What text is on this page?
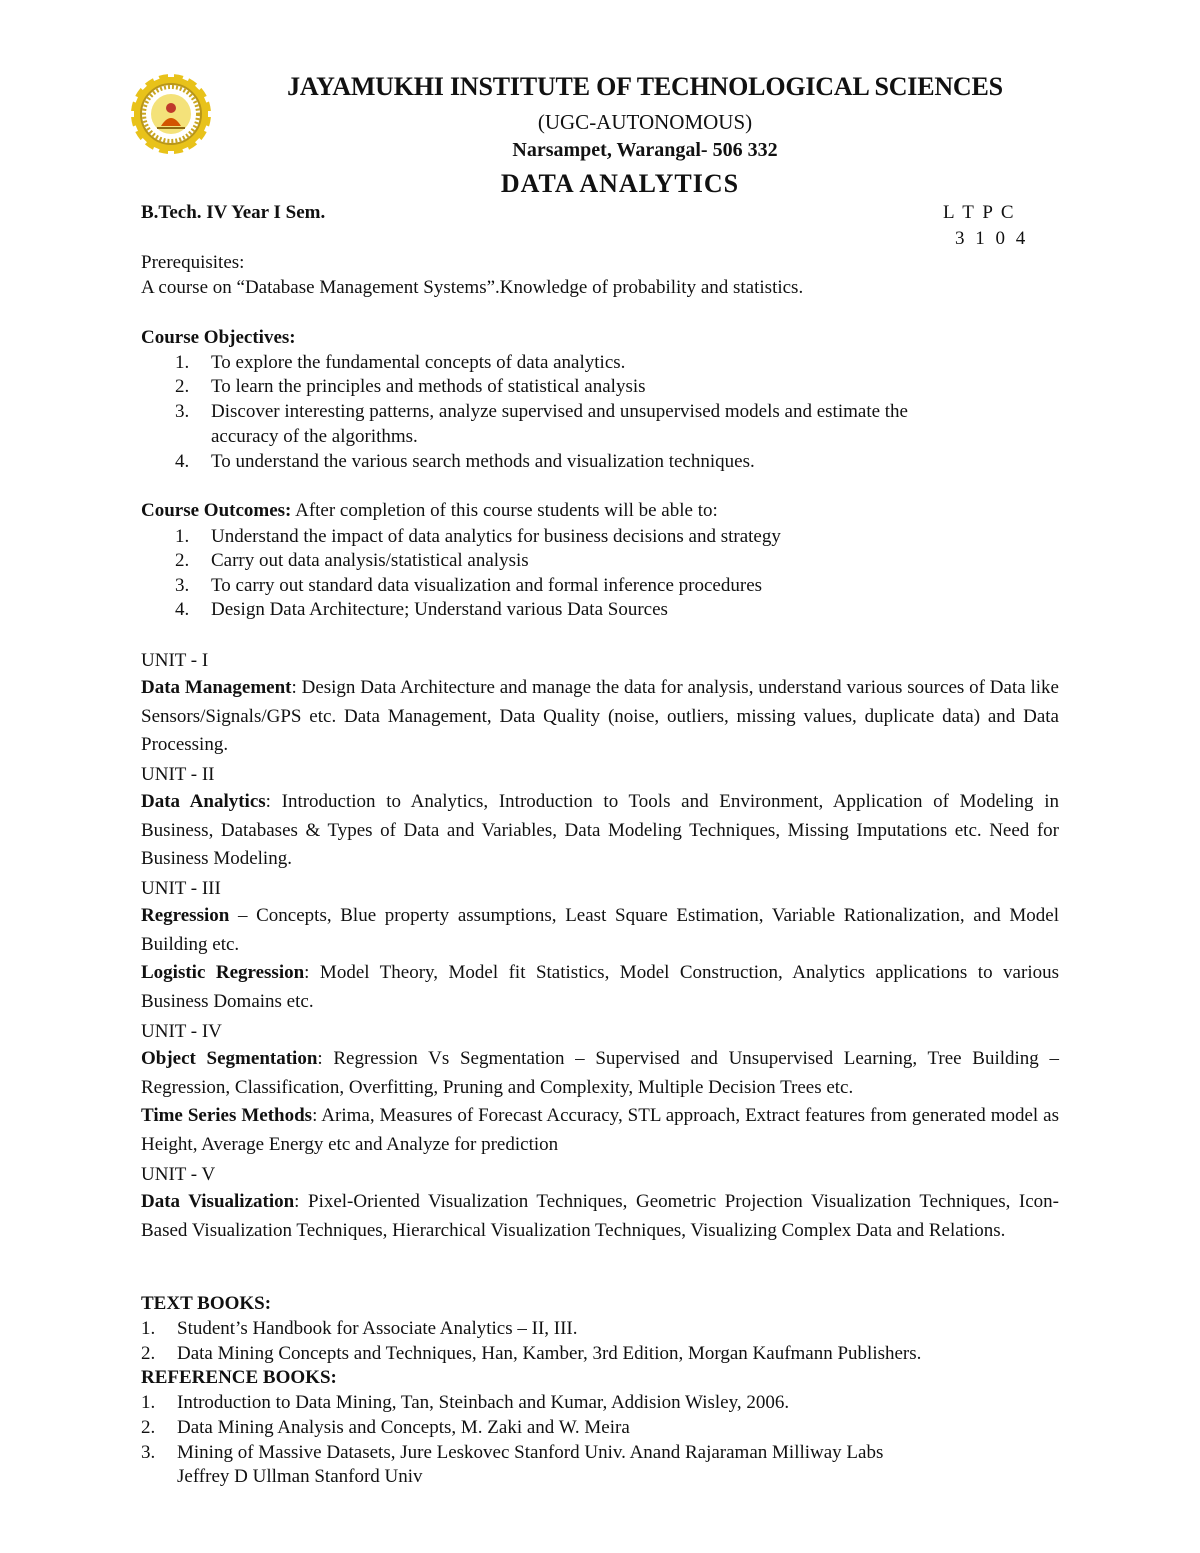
JAYAMUKHI INSTITUTE OF TECHNOLOGICAL SCIENCES
(UGC-AUTONOMOUS)
Narsampet, Warangal- 506 332
DATA ANALYTICS
B.Tech. IV Year I Sem.	L T P C
3 1 0 4
Prerequisites:
A course on “Database Management Systems”.Knowledge of probability and statistics.
Course Objectives:
1. To explore the fundamental concepts of data analytics.
2. To learn the principles and methods of statistical analysis
3. Discover interesting patterns, analyze supervised and unsupervised models and estimate the
accuracy of the algorithms.
4. To understand the various search methods and visualization techniques.
Course Outcomes: After completion of this course students will be able to:
1. Understand the impact of data analytics for business decisions and strategy
2. Carry out data analysis/statistical analysis
3. To carry out standard data visualization and formal inference procedures
4. Design Data Architecture; Understand various Data Sources
UNIT - I
Data Management: Design Data Architecture and manage the data for analysis, understand various sources of Data like Sensors/Signals/GPS etc. Data Management, Data Quality (noise, outliers, missing values, duplicate data) and Data Processing.
UNIT - II
Data Analytics: Introduction to Analytics, Introduction to Tools and Environment, Application of Modeling in Business, Databases & Types of Data and Variables, Data Modeling Techniques, Missing Imputations etc. Need for Business Modeling.
UNIT - III
Regression – Concepts, Blue property assumptions, Least Square Estimation, Variable Rationalization, and Model Building etc.
Logistic Regression: Model Theory, Model fit Statistics, Model Construction, Analytics applications to various Business Domains etc.
UNIT - IV
Object Segmentation: Regression Vs Segmentation – Supervised and Unsupervised Learning, Tree Building – Regression, Classification, Overfitting, Pruning and Complexity, Multiple Decision Trees etc.
Time Series Methods: Arima, Measures of Forecast Accuracy, STL approach, Extract features from generated model as Height, Average Energy etc and Analyze for prediction
UNIT - V
Data Visualization: Pixel-Oriented Visualization Techniques, Geometric Projection Visualization Techniques, Icon-Based Visualization Techniques, Hierarchical Visualization Techniques, Visualizing Complex Data and Relations.
TEXT BOOKS:
1. Student’s Handbook for Associate Analytics – II, III.
2. Data Mining Concepts and Techniques, Han, Kamber, 3rd Edition, Morgan Kaufmann Publishers.
REFERENCE BOOKS:
1. Introduction to Data Mining, Tan, Steinbach and Kumar, Addision Wisley, 2006.
2. Data Mining Analysis and Concepts, M. Zaki and W. Meira
3. Mining of Massive Datasets, Jure Leskovec Stanford Univ. Anand Rajaraman Milliway Labs
Jeffrey D Ullman Stanford Univ
